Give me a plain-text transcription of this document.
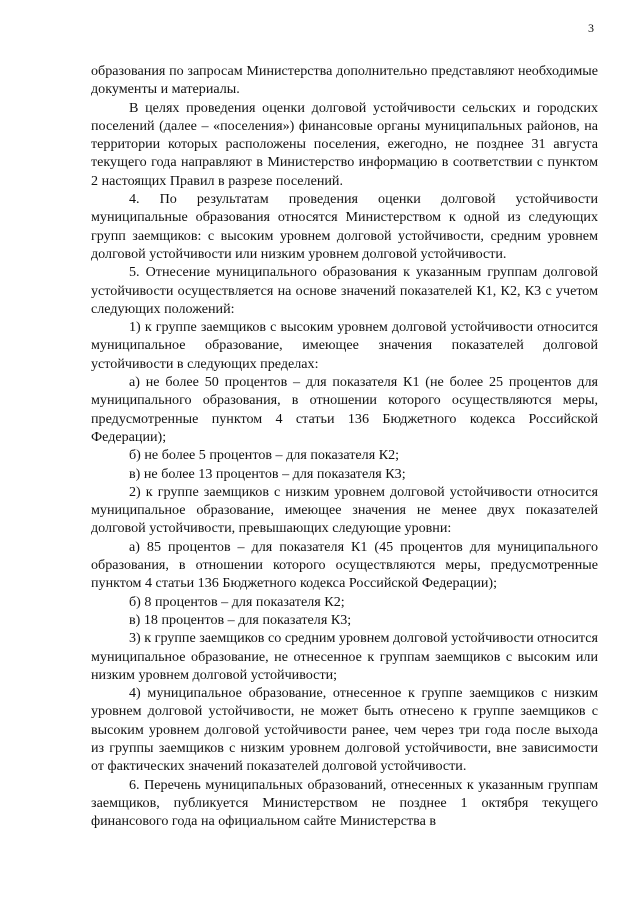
3

образования по запросам Министерства дополнительно представляют необходимые документы и материалы.

В целях проведения оценки долговой устойчивости сельских и городских поселений (далее – «поселения») финансовые органы муниципальных районов, на территории которых расположены поселения, ежегодно, не позднее 31 августа текущего года направляют в Министерство информацию в соответствии с пунктом 2 настоящих Правил в разрезе поселений.

4. По результатам проведения оценки долговой устойчивости муниципальные образования относятся Министерством к одной из следующих групп заемщиков: с высоким уровнем долговой устойчивости, средним уровнем долговой устойчивости или низким уровнем долговой устойчивости.

5. Отнесение муниципального образования к указанным группам долговой устойчивости осуществляется на основе значений показателей К1, К2, К3 с учетом следующих положений:

1) к группе заемщиков с высоким уровнем долговой устойчивости относится муниципальное образование, имеющее значения показателей долговой устойчивости в следующих пределах:

а) не более 50 процентов – для показателя К1 (не более 25 процентов для муниципального образования, в отношении которого осуществляются меры, предусмотренные пунктом 4 статьи 136 Бюджетного кодекса Российской Федерации);

б) не более 5 процентов – для показателя К2;

в) не более 13 процентов – для показателя К3;

2) к группе заемщиков с низким уровнем долговой устойчивости относится муниципальное образование, имеющее значения не менее двух показателей долговой устойчивости, превышающих следующие уровни:

а) 85 процентов – для показателя К1 (45 процентов для муниципального образования, в отношении которого осуществляются меры, предусмотренные пунктом 4 статьи 136 Бюджетного кодекса Российской Федерации);

б) 8 процентов – для показателя К2;

в) 18 процентов – для показателя К3;

3) к группе заемщиков со средним уровнем долговой устойчивости относится муниципальное образование, не отнесенное к группам заемщиков с высоким или низким уровнем долговой устойчивости;

4) муниципальное образование, отнесенное к группе заемщиков с низким уровнем долговой устойчивости, не может быть отнесено к группе заемщиков с высоким уровнем долговой устойчивости ранее, чем через три года после выхода из группы заемщиков с низким уровнем долговой устойчивости, вне зависимости от фактических значений показателей долговой устойчивости.

6. Перечень муниципальных образований, отнесенных к указанным группам заемщиков, публикуется Министерством не позднее 1 октября текущего финансового года на официальном сайте Министерства в
